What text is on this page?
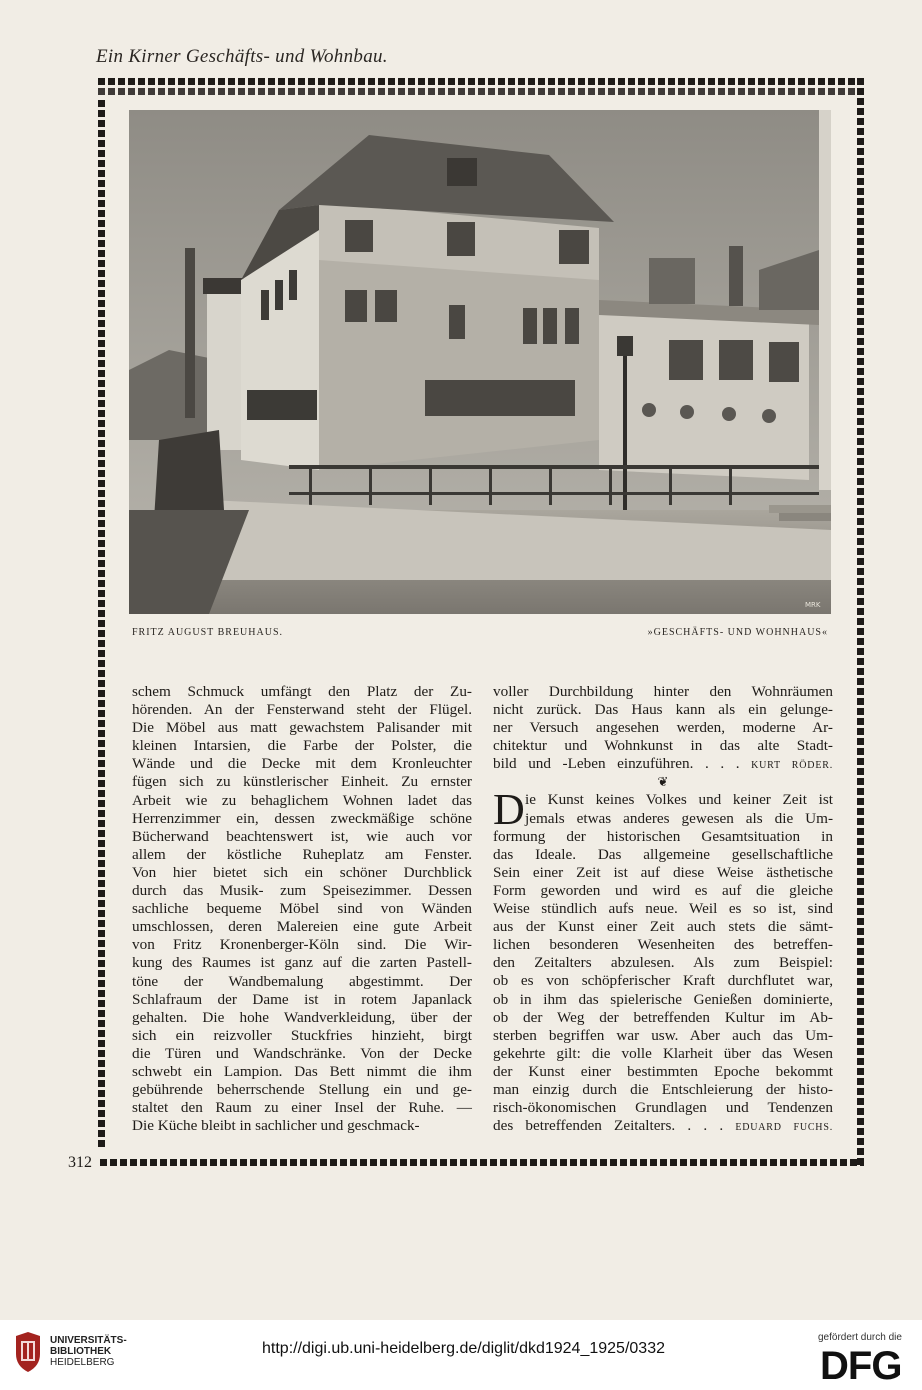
Ein Kirner Geschäfts- und Wohnbau.
MRK
FRITZ AUGUST BREUHAUS.	»GESCHÄFTS- UND WOHNHAUS«
schem Schmuck umfängt den Platz der Zu-
hörenden. An der Fensterwand steht der Flügel.
Die Möbel aus matt gewachstem Palisander mit
kleinen Intarsien, die Farbe der Polster, die
Wände und die Decke mit dem Kronleuchter
fügen sich zu künstlerischer Einheit. Zu ernster
Arbeit wie zu behaglichem Wohnen ladet das
Herrenzimmer ein, dessen zweckmäßige schöne
Bücherwand beachtenswert ist, wie auch vor
allem der köstliche Ruheplatz am Fenster.
Von hier bietet sich ein schöner Durchblick
durch das Musik- zum Speisezimmer. Dessen
sachliche bequeme Möbel sind von Wänden
umschlossen, deren Malereien eine gute Arbeit
von Fritz Kronenberger-Köln sind. Die Wir-
kung des Raumes ist ganz auf die zarten Pastell-
töne der Wandbemalung abgestimmt. Der
Schlafraum der Dame ist in rotem Japanlack
gehalten. Die hohe Wandverkleidung, über der
sich ein reizvoller Stuckfries hinzieht, birgt
die Türen und Wandschränke. Von der Decke
schwebt ein Lampion. Das Bett nimmt die ihm
gebührende beherrschende Stellung ein und ge-
staltet den Raum zu einer Insel der Ruhe. —
Die Küche bleibt in sachlicher und geschmack-
voller Durchbildung hinter den Wohnräumen
nicht zurück. Das Haus kann als ein gelunge-
ner Versuch angesehen werden, moderne Ar-
chitektur und Wohnkunst in das alte Stadt-
bild und -Leben einzuführen. . . . KURT RÖDER.
❦
D ie Kunst keines Volkes und keiner Zeit ist
jemals etwas anderes gewesen als die Um-
formung der historischen Gesamtsituation in
das Ideale. Das allgemeine gesellschaftliche
Sein einer Zeit ist auf diese Weise ästhetische
Form geworden und wird es auf die gleiche
Weise stündlich aufs neue. Weil es so ist, sind
aus der Kunst einer Zeit auch stets die sämt-
lichen besonderen Wesenheiten des betreffen-
den Zeitalters abzulesen. Als zum Beispiel:
ob es von schöpferischer Kraft durchflutet war,
ob in ihm das spielerische Genießen dominierte,
ob der Weg der betreffenden Kultur im Ab-
sterben begriffen war usw. Aber auch das Um-
gekehrte gilt: die volle Klarheit über das Wesen
der Kunst einer bestimmten Epoche bekommt
man einzig durch die Entschleierung der histo-
risch-ökonomischen Grundlagen und Tendenzen
des betreffenden Zeitalters. . . . EDUARD FUCHS.
312
UNIVERSITÄTS-
BIBLIOTHEK
HEIDELBERG
http://digi.ub.uni-heidelberg.de/diglit/dkd1924_1925/0332
gefördert durch die
DFG
